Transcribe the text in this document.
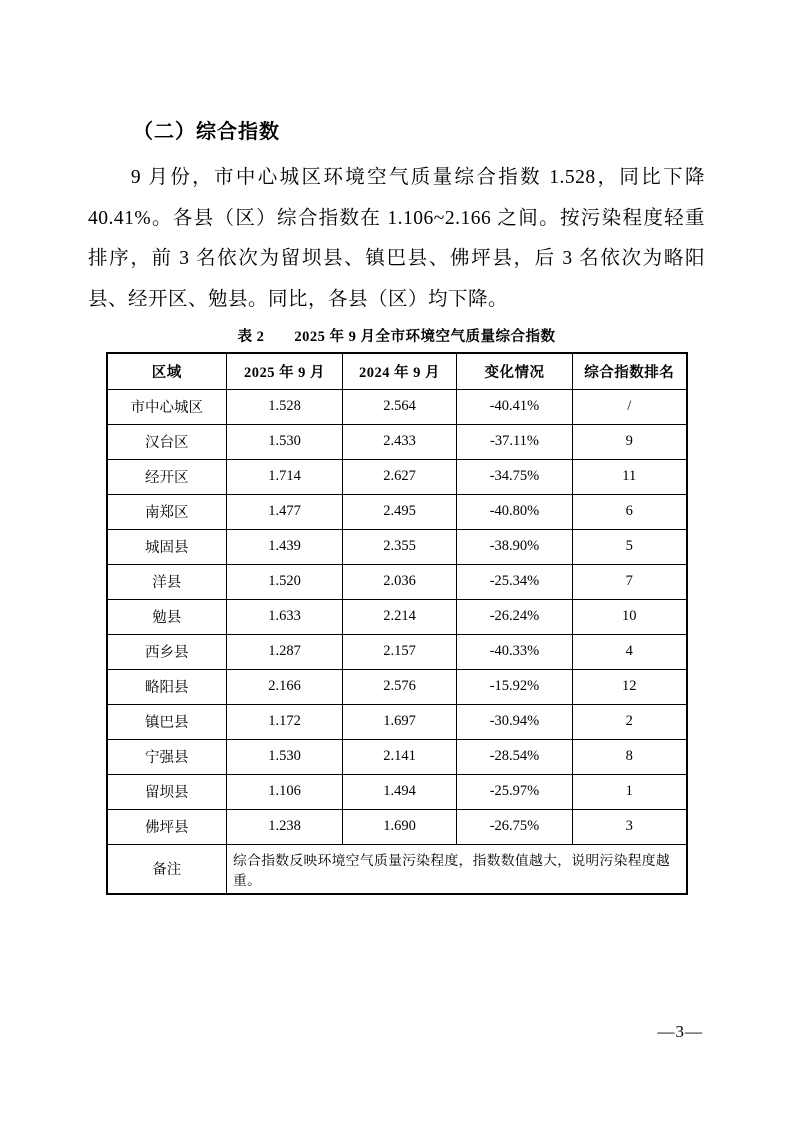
（二）综合指数
9 月份，市中心城区环境空气质量综合指数 1.528，同比下降 40.41%。各县（区）综合指数在 1.106~2.166 之间。按污染程度轻重排序，前 3 名依次为留坝县、镇巴县、佛坪县，后 3 名依次为略阳县、经开区、勉县。同比，各县（区）均下降。
表 2　　2025 年 9 月全市环境空气质量综合指数
区域	2025 年 9 月	2024 年 9 月	变化情况	综合指数排名
市中心城区	1.528	2.564	-40.41%	/
汉台区	1.530	2.433	-37.11%	9
经开区	1.714	2.627	-34.75%	11
南郑区	1.477	2.495	-40.80%	6
城固县	1.439	2.355	-38.90%	5
洋县	1.520	2.036	-25.34%	7
勉县	1.633	2.214	-26.24%	10
西乡县	1.287	2.157	-40.33%	4
略阳县	2.166	2.576	-15.92%	12
镇巴县	1.172	1.697	-30.94%	2
宁强县	1.530	2.141	-28.54%	8
留坝县	1.106	1.494	-25.97%	1
佛坪县	1.238	1.690	-26.75%	3
备注	综合指数反映环境空气质量污染程度，指数数值越大，说明污染程度越重。			
—3—
